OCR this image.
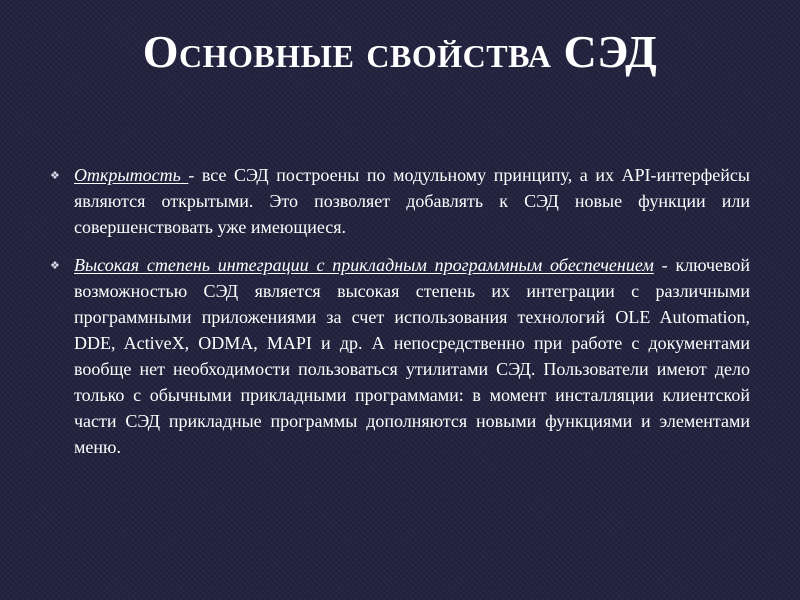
Основные свойства СЭД
❖ Открытость - все СЭД построены по модульному принципу, а их API-интерфейсы являются открытыми. Это позволяет добавлять к СЭД новые функции или совершенствовать уже имеющиеся.
❖ Высокая степень интеграции с прикладным программным обеспечением - ключевой возможностью СЭД является высокая степень их интеграции с различными программными приложениями за счет использования технологий OLE Automation, DDE, ActiveX, ODMA, MAPI и др. А непосредственно при работе с документами вообще нет необходимости пользоваться утилитами СЭД. Пользователи имеют дело только с обычными прикладными программами: в момент инсталляции клиентской части СЭД прикладные программы дополняются новыми функциями и элементами меню.
